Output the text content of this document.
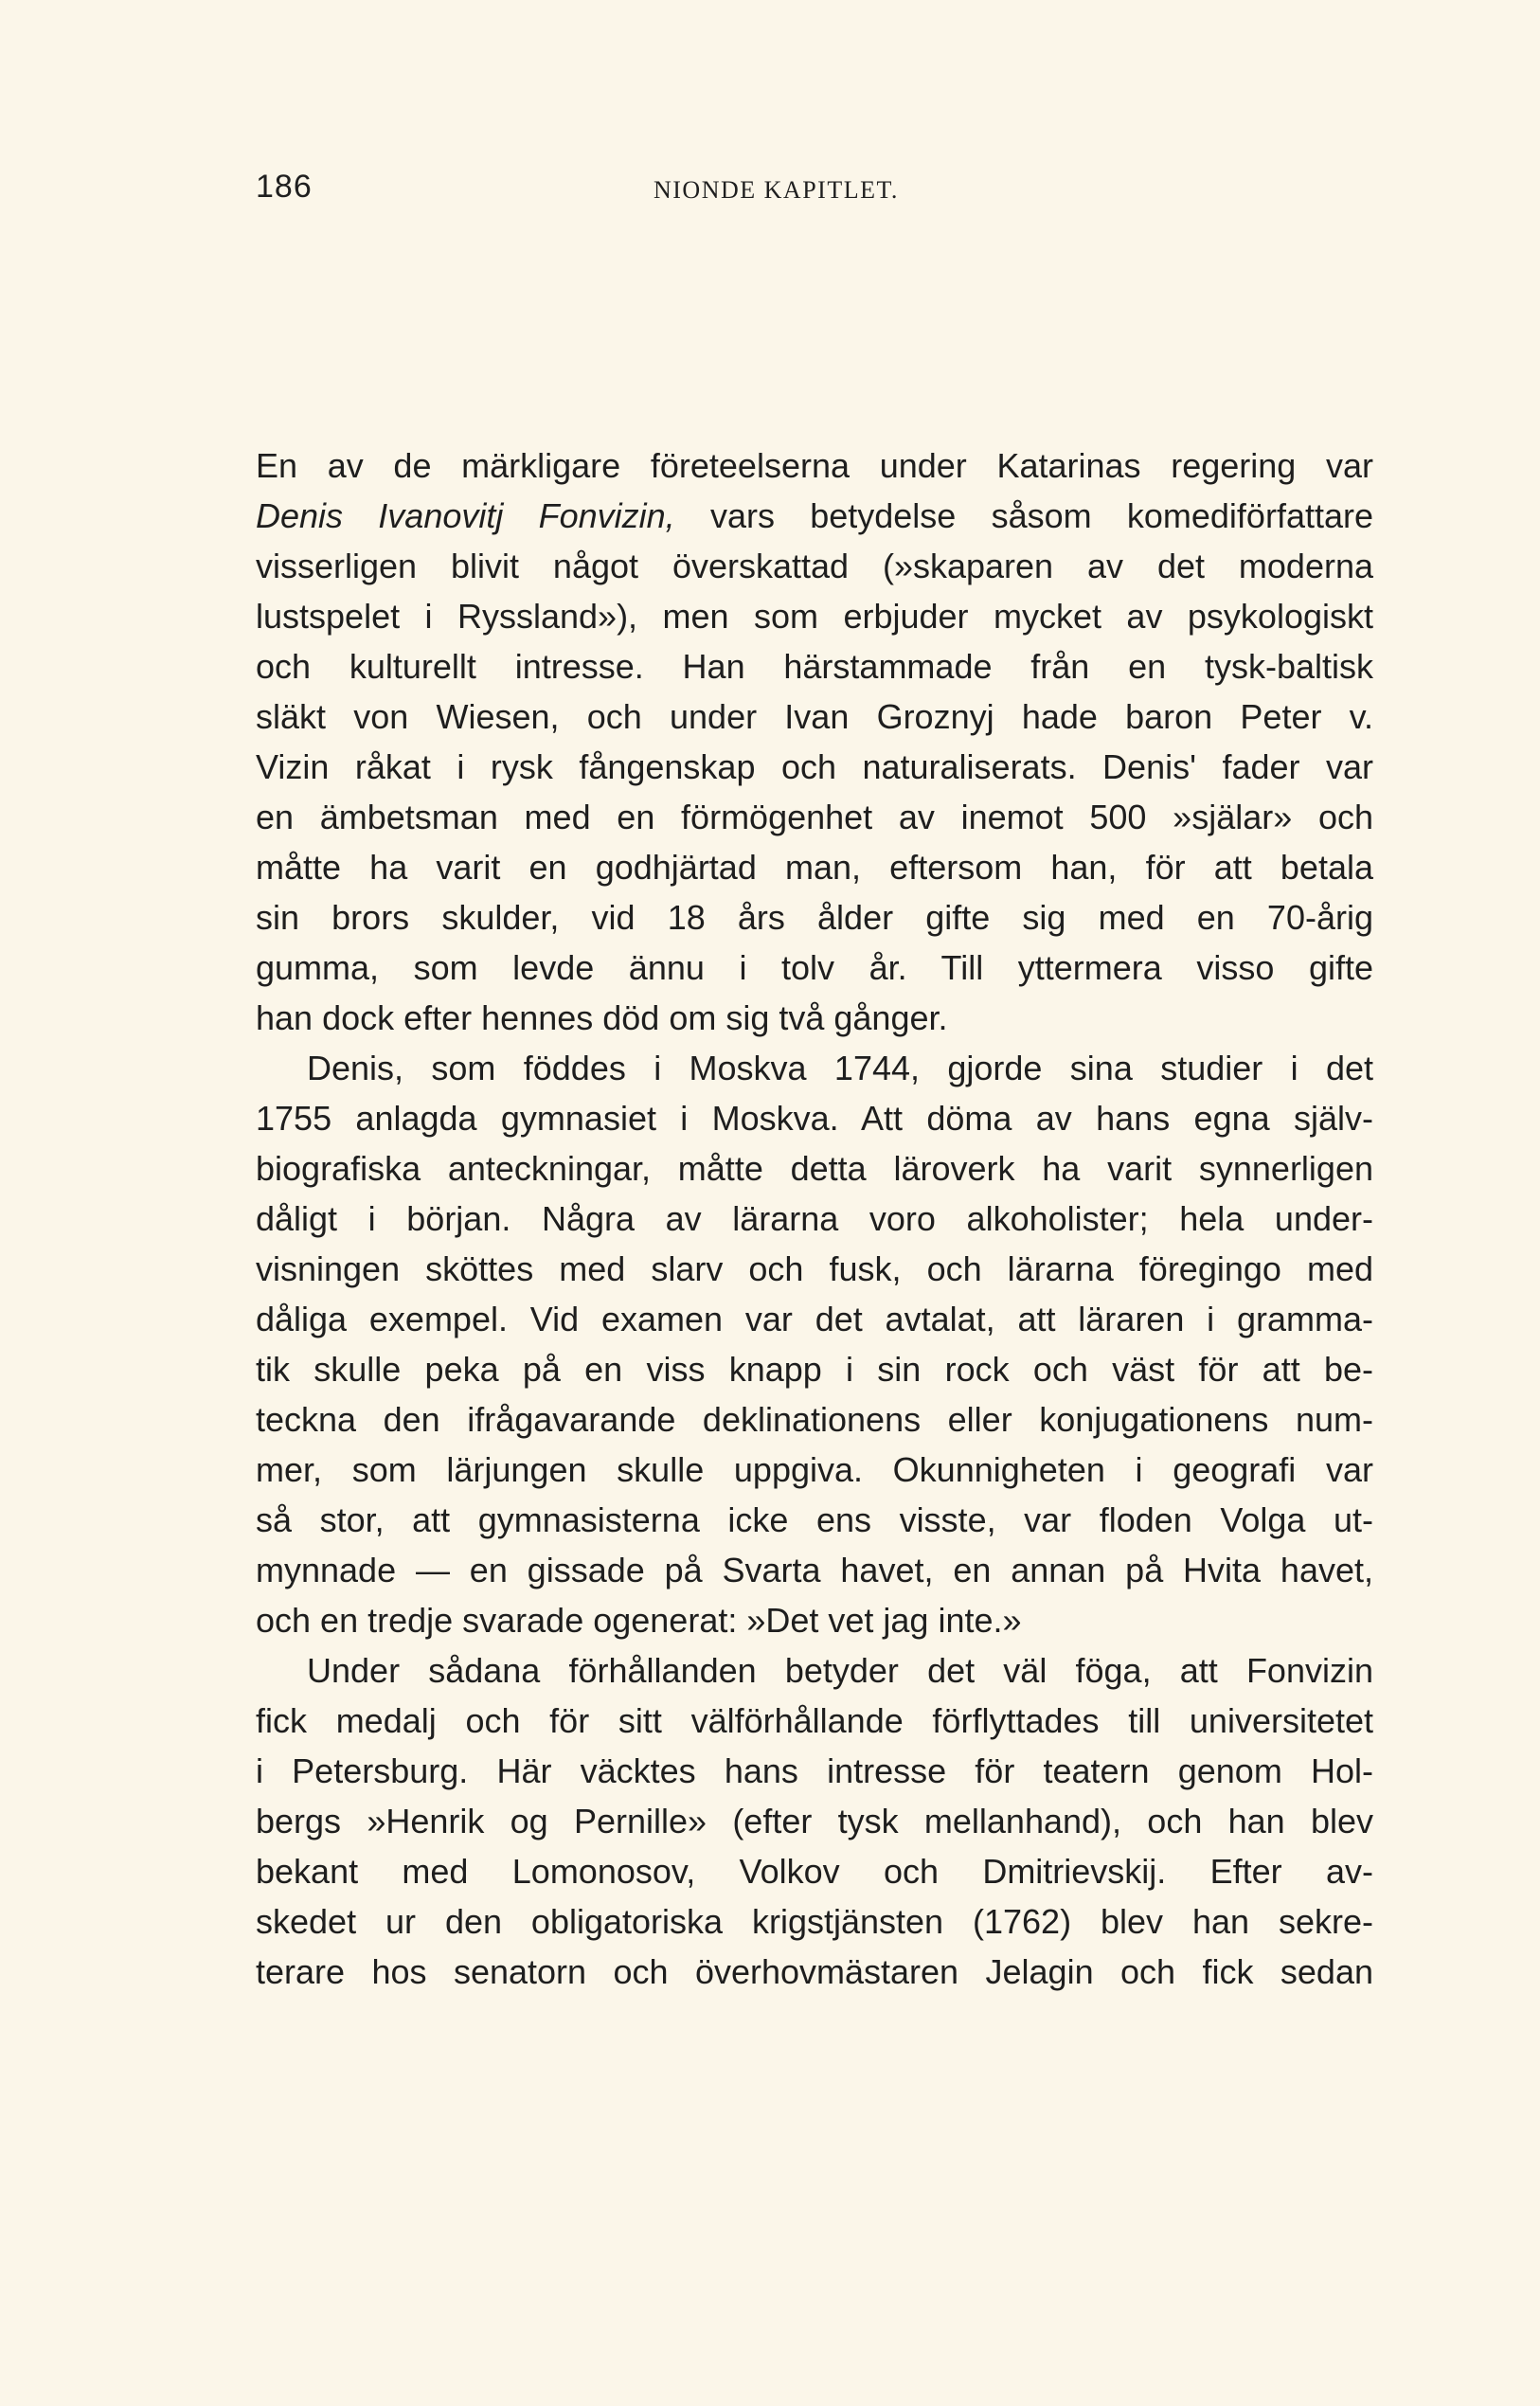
186	NIONDE KAPITLET.
En av de märkligare företeelserna under Katarinas regering var
Denis Ivanovitj Fonvizin, vars betydelse såsom komediförfattare
visserligen blivit något överskattad (»skaparen av det moderna
lustspelet i Ryssland»), men som erbjuder mycket av psykologiskt
och kulturellt intresse. Han härstammade från en tysk-baltisk
släkt von Wiesen, och under Ivan Groznyj hade baron Peter v.
Vizin råkat i rysk fångenskap och naturaliserats. Denis' fader var
en ämbetsman med en förmögenhet av inemot 500 »själar» och
måtte ha varit en godhjärtad man, eftersom han, för att betala
sin brors skulder, vid 18 års ålder gifte sig med en 70-årig
gumma, som levde ännu i tolv år. Till yttermera visso gifte
han dock efter hennes död om sig två gånger.
Denis, som föddes i Moskva 1744, gjorde sina studier i det
1755 anlagda gymnasiet i Moskva. Att döma av hans egna själv-
biografiska anteckningar, måtte detta läroverk ha varit synnerligen
dåligt i början. Några av lärarna voro alkoholister; hela under-
visningen sköttes med slarv och fusk, och lärarna föregingo med
dåliga exempel. Vid examen var det avtalat, att läraren i gramma-
tik skulle peka på en viss knapp i sin rock och väst för att be-
teckna den ifrågavarande deklinationens eller konjugationens num-
mer, som lärjungen skulle uppgiva. Okunnigheten i geografi var
så stor, att gymnasisterna icke ens visste, var floden Volga ut-
mynnade — en gissade på Svarta havet, en annan på Hvita havet,
och en tredje svarade ogenerat: »Det vet jag inte.»
Under sådana förhållanden betyder det väl föga, att Fonvizin
fick medalj och för sitt välförhållande förflyttades till universitetet
i Petersburg. Här väcktes hans intresse för teatern genom Hol-
bergs »Henrik og Pernille» (efter tysk mellanhand), och han blev
bekant med Lomonosov, Volkov och Dmitrievskij. Efter av-
skedet ur den obligatoriska krigstjänsten (1762) blev han sekre-
terare hos senatorn och överhovmästaren Jelagin och fick sedan
